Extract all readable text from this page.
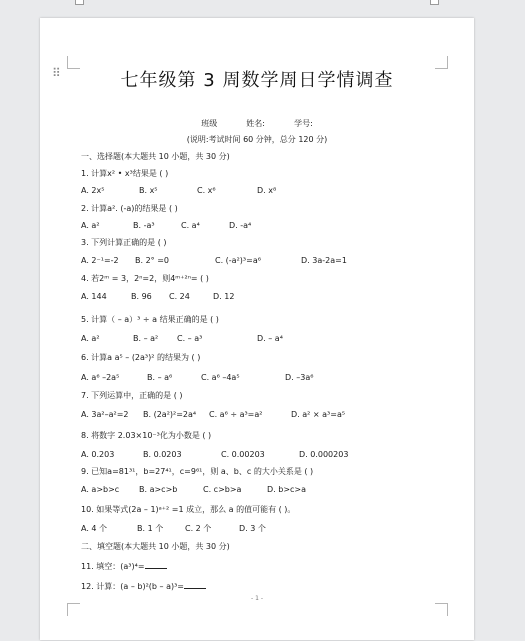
⠿	七年级第 3 周数学周日学情调查
班级	姓名:	学号:
(说明:考试时间 60 分钟，总分 120 分)
一、选择题(本大题共 10 小题，共 30 分)
1. 计算x² • x³结果是 ( )
A. 2x⁵	B. x⁵	C. x⁶	D. x⁸
2. 计算a². (-a)的结果是 ( )
A. a²	B. -a³	C. a⁴	D. -a⁴
3. 下列计算正确的是 ( )
A. 2⁻¹=-2 B. 2° =0	C. (-a²)³=a⁶	D. 3a-2a=1
4. 若2ᵐ = 3，2ⁿ=2，则4ᵐ⁺²ⁿ= ( )
A. 144	B. 96 C. 24	D. 12
5. 计算（ – a）³ ÷ a 结果正确的是 ( )
A. a²	B. – a² C. – a³	D. – a⁴
6. 计算a a⁵ – (2a³)² 的结果为 ( )
A. a⁶ –2a⁵	B. – a⁶	C. a⁶ –4a⁵	D. –3a⁶
7. 下列运算中，正确的是 ( )
A. 3a²–a²=2 B. (2a²)²=2a⁴ C. a⁶ ÷ a³=a²	D. a² × a³=a⁵
8. 将数字 2.03×10⁻³化为小数是 ( )
A. 0.203	B. 0.0203	C. 0.00203	D. 0.000203
9. 已知a=81³¹，b=27⁴¹，c=9⁶¹，则 a、b、c 的大小关系是 ( )
A. a>b>c B. a>c>b	C. c>b>a	D. b>c>a
10. 如果等式(2a – 1)ᵃ⁺² =1 成立，那么 a 的值可能有 ( )。
A. 4 个	B. 1 个	C. 2 个	D. 3 个
二、填空题(本大题共 10 小题，共 30 分)
11. 填空：(a³)⁴=
12. 计算：(a – b)²(b – a)³=
- 1 -
